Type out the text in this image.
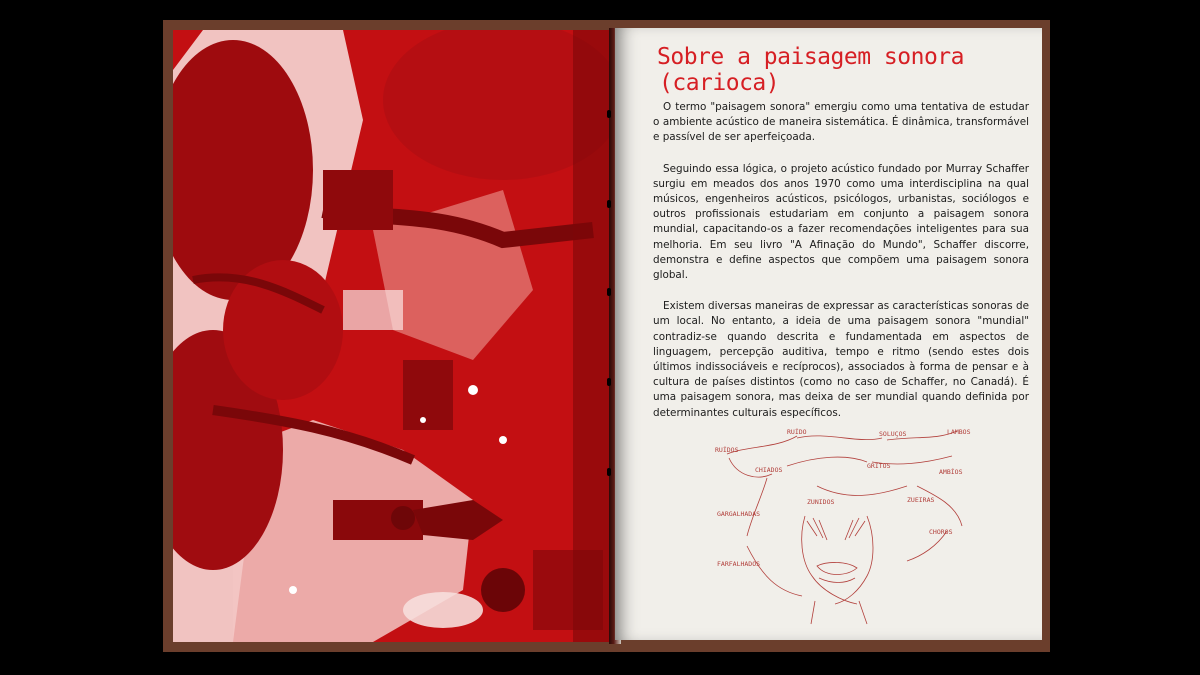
Sobre a paisagem sonora
(carioca)

O termo "paisagem sonora" emergiu como uma tentativa de estudar o ambiente acústico de maneira sistemática. É dinâmica, transformável e passível de ser aperfeiçoada.

Seguindo essa lógica, o projeto acústico fundado por Murray Schaffer surgiu em meados dos anos 1970 como uma interdisciplina na qual músicos, engenheiros acústicos, psicólogos, urbanistas, sociólogos e outros profissionais estudariam em conjunto a paisagem sonora mundial, capacitando-os a fazer recomendações inteligentes para sua melhoria. Em seu livro "A Afinação do Mundo", Schaffer discorre, demonstra e define aspectos que compõem uma paisagem sonora global.

Existem diversas maneiras de expressar as características sonoras de um local. No entanto, a ideia de uma paisagem sonora "mundial" contradiz-se quando descrita e fundamentada em aspectos de linguagem, percepção auditiva, tempo e ritmo (sendo estes dois últimos indissociáveis e recíprocos), associados à forma de pensar e à cultura de países distintos (como no caso de Schaffer, no Canadá). É uma paisagem sonora, mas deixa de ser mundial quando definida por determinantes culturais específicos.

RUÍDOS
RUÍDO	SOLUÇOS	LAMBOS
CHIADOS	GRITOS
AMBÍOS
ZUEIRAS
GARGALHADAS
ZUNIDOS
CHOROS
FARFALHADOS
